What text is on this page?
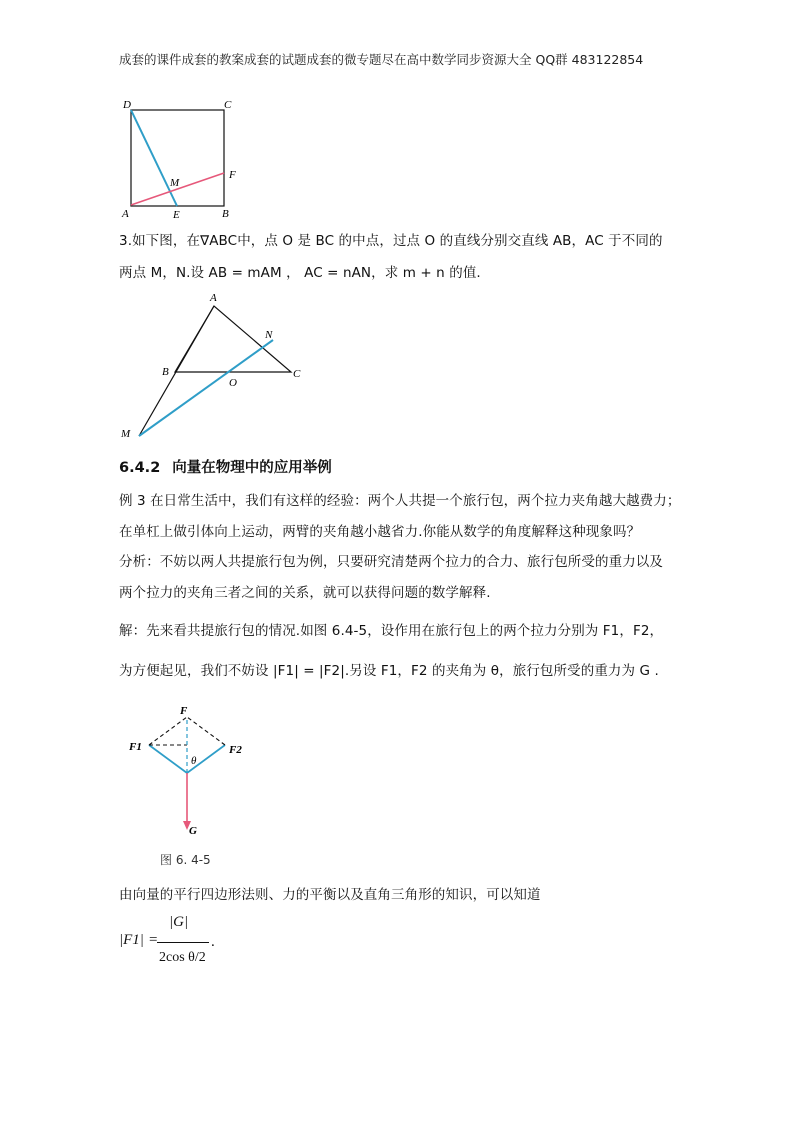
成套的课件成套的教案成套的试题成套的微专题尽在高中数学同步资源大全 QQ群 483122854
D	C
M
F
A	E	B
3.如下图，在∇ABC中，点 O 是 BC 的中点，过点 O 的直线分别交直线 AB，AC 于不同的
两点 M，N.设 AB = mAM ， AC = nAN，求 m + n 的值.
A
N
B
O
C
M
6.4.2 向量在物理中的应用举例
例 3 在日常生活中，我们有这样的经验：两个人共提一个旅行包，两个拉力夹角越大越费力；
在单杠上做引体向上运动，两臂的夹角越小越省力.你能从数学的角度解释这种现象吗？
分析：不妨以两人共提旅行包为例，只要研究清楚两个拉力的合力、旅行包所受的重力以及
两个拉力的夹角三者之间的关系，就可以获得问题的数学解释.
解：先来看共提旅行包的情况.如图 6.4-5，设作用在旅行包上的两个拉力分别为 F1，F2，
为方便起见，我们不妨设 |F1| = |F2|.另设 F1，F2 的夹角为 θ，旅行包所受的重力为 G .
F
F1	F2
θ
G
图 6. 4-5
由向量的平行四边形法则、力的平衡以及直角三角形的知识，可以知道
|F1| =
|G|
2cos θ/2
.
